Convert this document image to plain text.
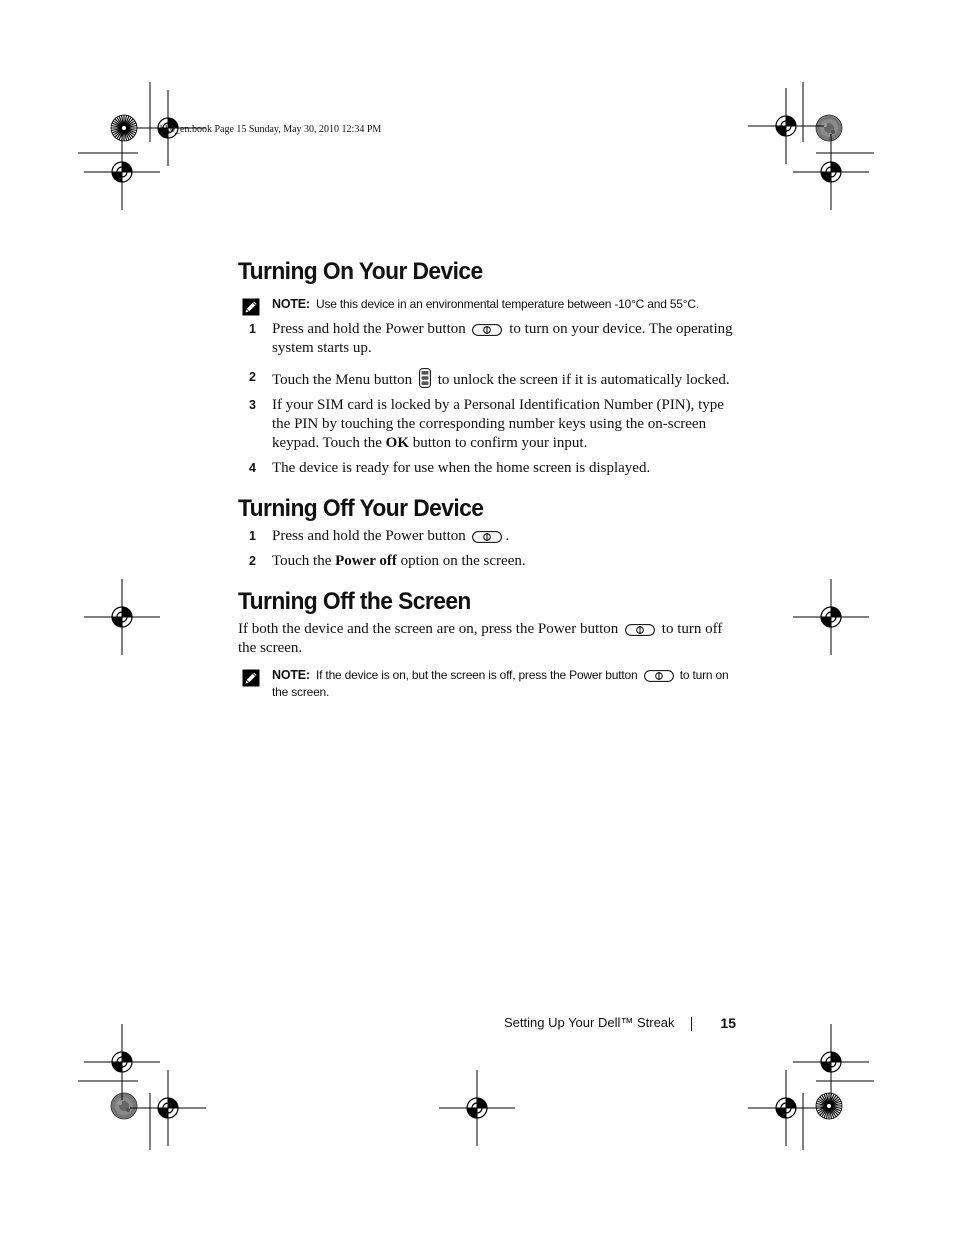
bk0_en.book Page 15 Sunday, May 30, 2010 12:34 PM
Turning On Your Device
NOTE: Use this device in an environmental temperature between -10°C and 55°C.
1 Press and hold the Power button	to turn on your device. The operating system starts up.
2 Touch the Menu button to unlock the screen if it is automatically locked.
3 If your SIM card is locked by a Personal Identification Number (PIN), type the PIN by touching the corresponding number keys using the on-screen keypad. Touch the OK button to confirm your input.
4 The device is ready for use when the home screen is displayed.
Turning Off Your Device
1 Press and hold the Power button	.
2 Touch the Power off option on the screen.
Turning Off the Screen

If both the device and the screen are on, press the Power button	to turn off the screen.

NOTE: If the device is on, but the screen is off, press the Power button	to turn on the screen.
Setting Up Your Dell™ Streak	15
